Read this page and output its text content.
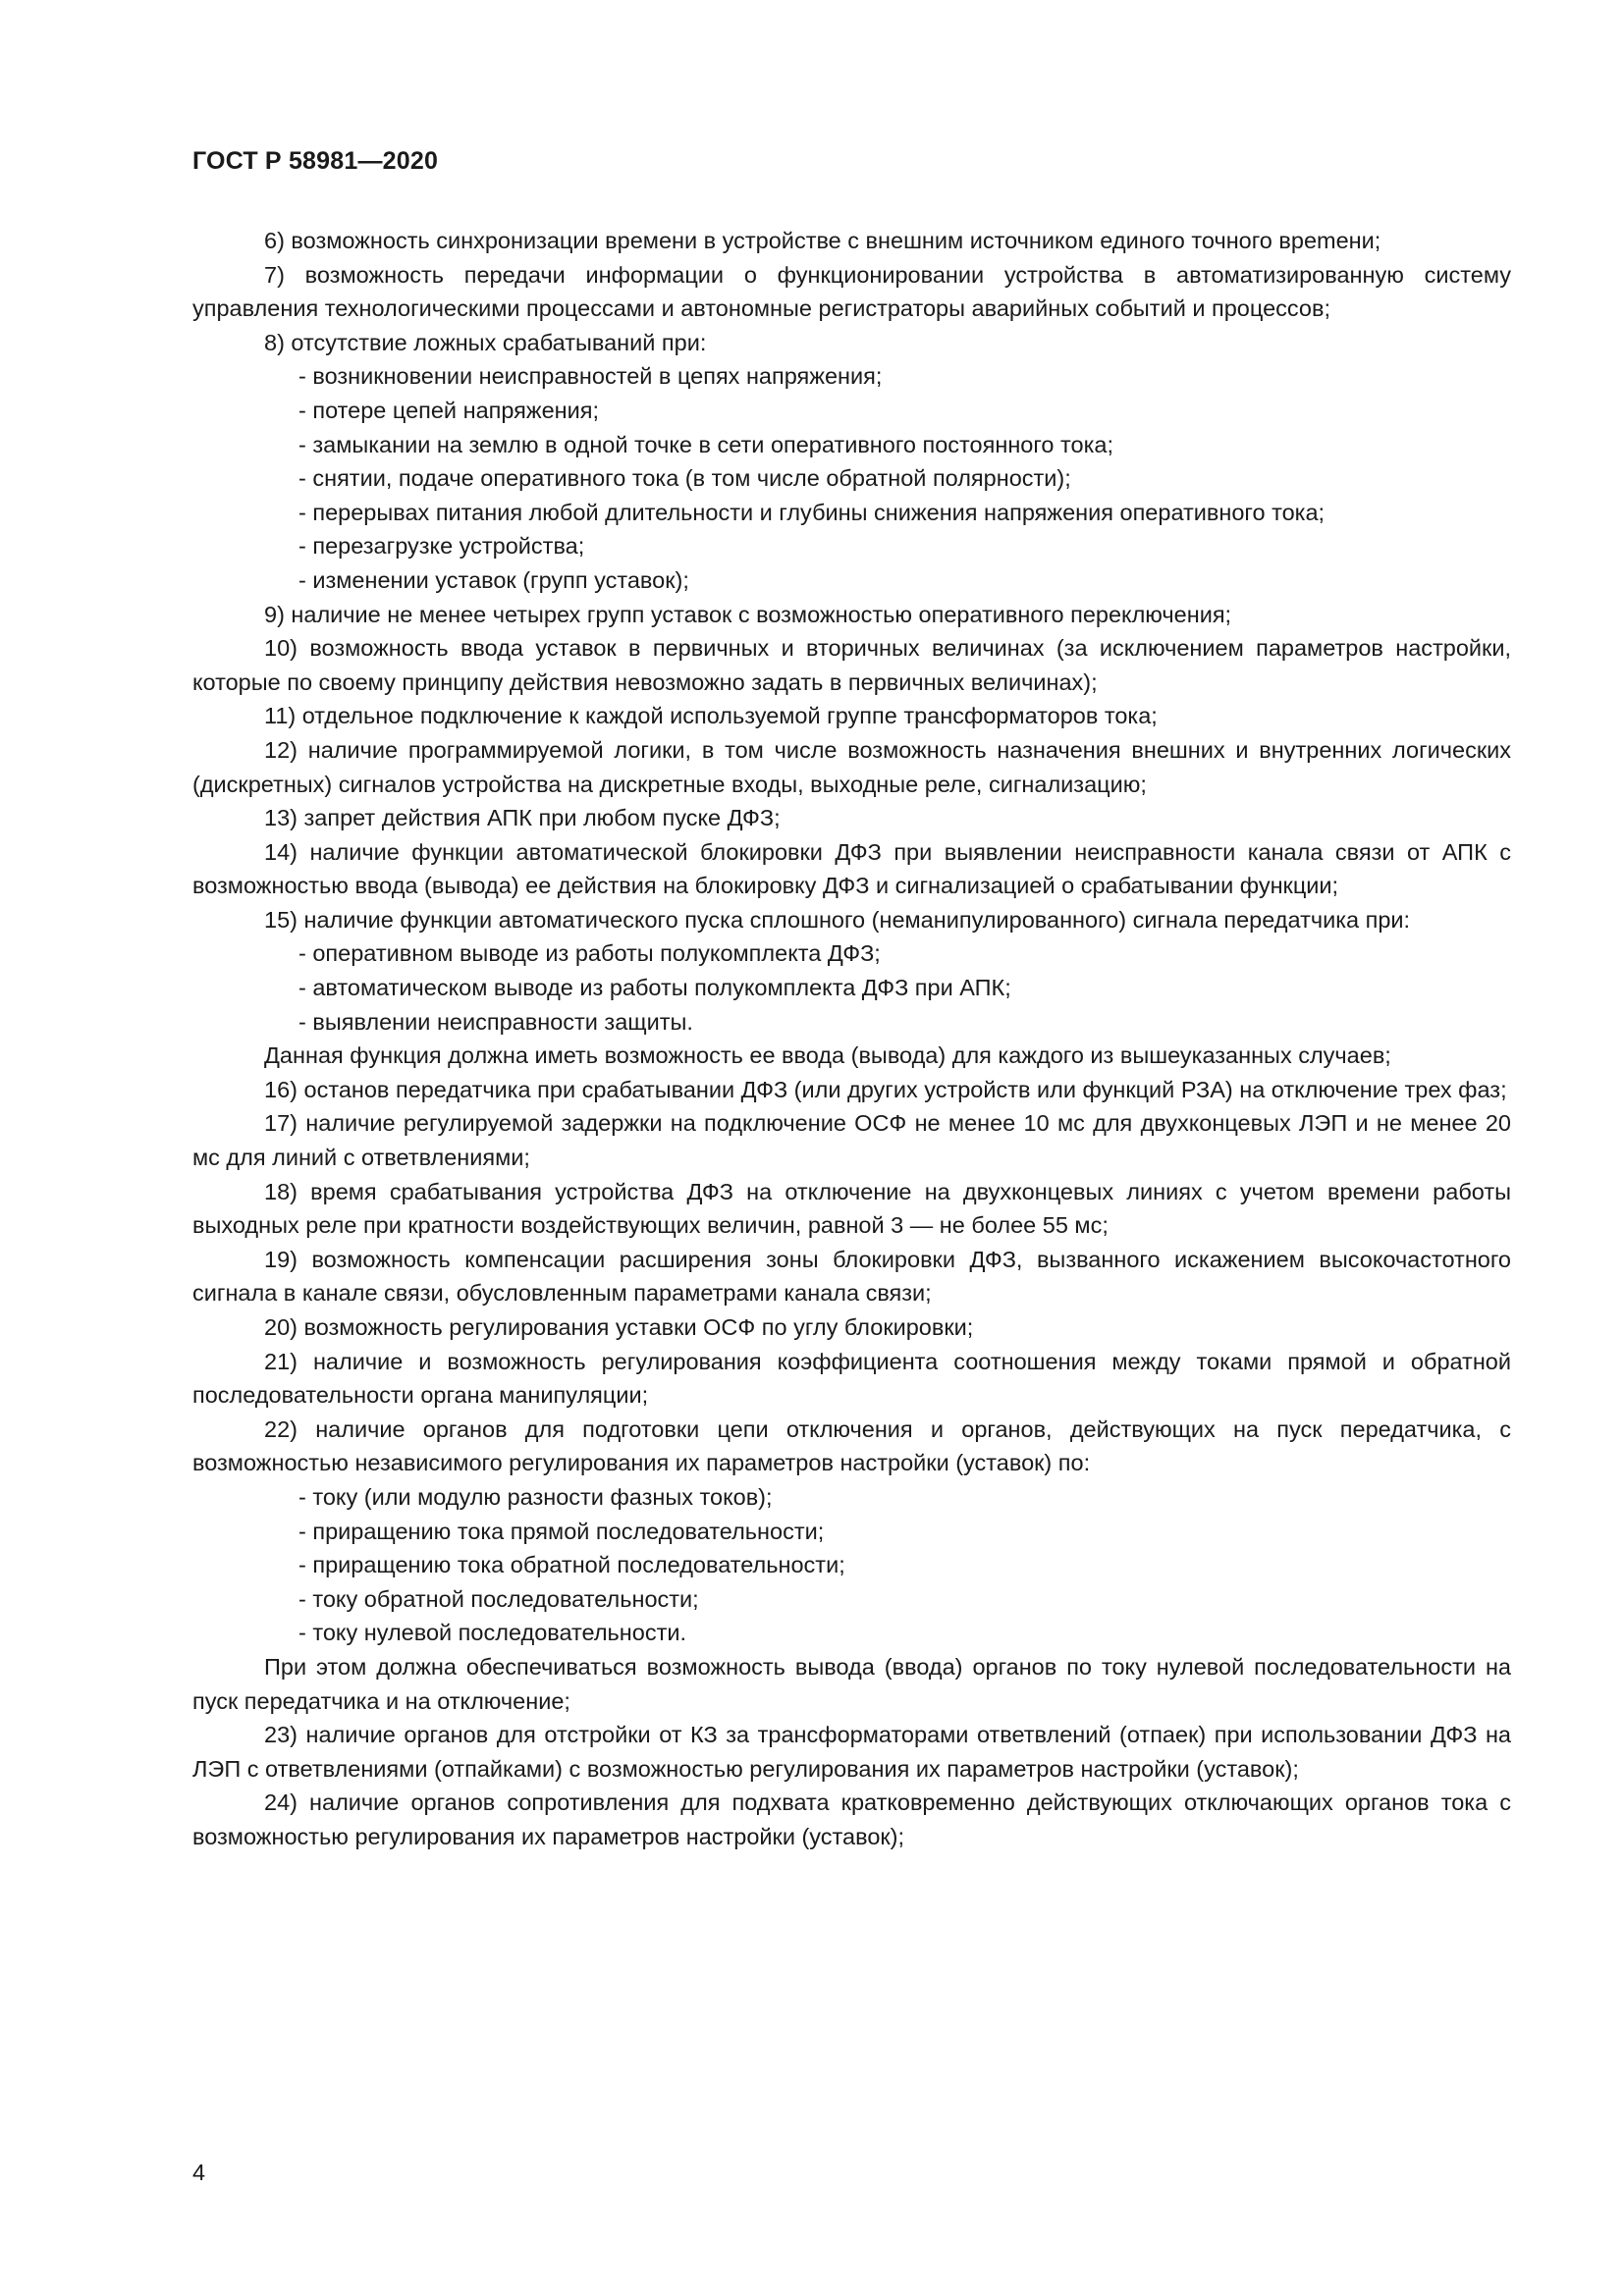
ГОСТ Р 58981—2020

6) возможность синхронизации времени в устройстве с внешним источником единого точного вреmени;

7) возможность передачи информации о функционировании устройства в автоматизированную систему управления технологическими процессами и автономные регистраторы аварийных событий и процессов;

8) отсутствие ложных срабатываний при:

- возникновении неисправностей в цепях напряжения;

- потере цепей напряжения;

- замыкании на землю в одной точке в сети оперативного постоянного тока;

- снятии, подаче оперативного тока (в том числе обратной полярности);

- перерывах питания любой длительности и глубины снижения напряжения оперативного тока;

- перезагрузке устройства;

- изменении уставок (групп уставок);

9) наличие не менее четырех групп уставок с возможностью оперативного переключения;

10) возможность ввода уставок в первичных и вторичных величинах (за исключением параметров настройки, которые по своему принципу действия невозможно задать в первичных величинах);

11) отдельное подключение к каждой используемой группе трансформаторов тока;

12) наличие программируемой логики, в том числе возможность назначения внешних и внутренних логических (дискретных) сигналов устройства на дискретные входы, выходные реле, сигнализацию;

13) запрет действия АПК при любом пуске ДФЗ;

14) наличие функции автоматической блокировки ДФЗ при выявлении неисправности канала связи от АПК с возможностью ввода (вывода) ее действия на блокировку ДФЗ и сигнализацией о срабатывании функции;

15) наличие функции автоматического пуска сплошного (неманипулированного) сигнала передатчика при:

- оперативном выводе из работы полукомплекта ДФЗ;

- автоматическом выводе из работы полукомплекта ДФЗ при АПК;

- выявлении неисправности защиты.

Данная функция должна иметь возможность ее ввода (вывода) для каждого из вышеуказанных случаев;

16) останов передатчика при срабатывании ДФЗ (или других устройств или функций РЗА) на отключение трех фаз;

17) наличие регулируемой задержки на подключение ОСФ не менее 10 мс для двухконцевых ЛЭП и не менее 20 мс для линий с ответвлениями;

18) время срабатывания устройства ДФЗ на отключение на двухконцевых линиях с учетом времени работы выходных реле при кратности воздействующих величин, равной 3 — не более 55 мс;

19) возможность компенсации расширения зоны блокировки ДФЗ, вызванного искажением высокочастотного сигнала в канале связи, обусловленным параметрами канала связи;

20) возможность регулирования уставки ОСФ по углу блокировки;

21) наличие и возможность регулирования коэффициента соотношения между токами прямой и обратной последовательности органа манипуляции;

22) наличие органов для подготовки цепи отключения и органов, действующих на пуск передатчика, с возможностью независимого регулирования их параметров настройки (уставок) по:

- току (или модулю разности фазных токов);

- приращению тока прямой последовательности;

- приращению тока обратной последовательности;

- току обратной последовательности;

- току нулевой последовательности.

При этом должна обеспечиваться возможность вывода (ввода) органов по току нулевой последовательности на пуск передатчика и на отключение;

23) наличие органов для отстройки от КЗ за трансформаторами ответвлений (отпаек) при использовании ДФЗ на ЛЭП с ответвлениями (отпайками) с возможностью регулирования их параметров настройки (уставок);

24) наличие органов сопротивления для подхвата кратковременно действующих отключающих органов тока с возможностью регулирования их параметров настройки (уставок);

4
